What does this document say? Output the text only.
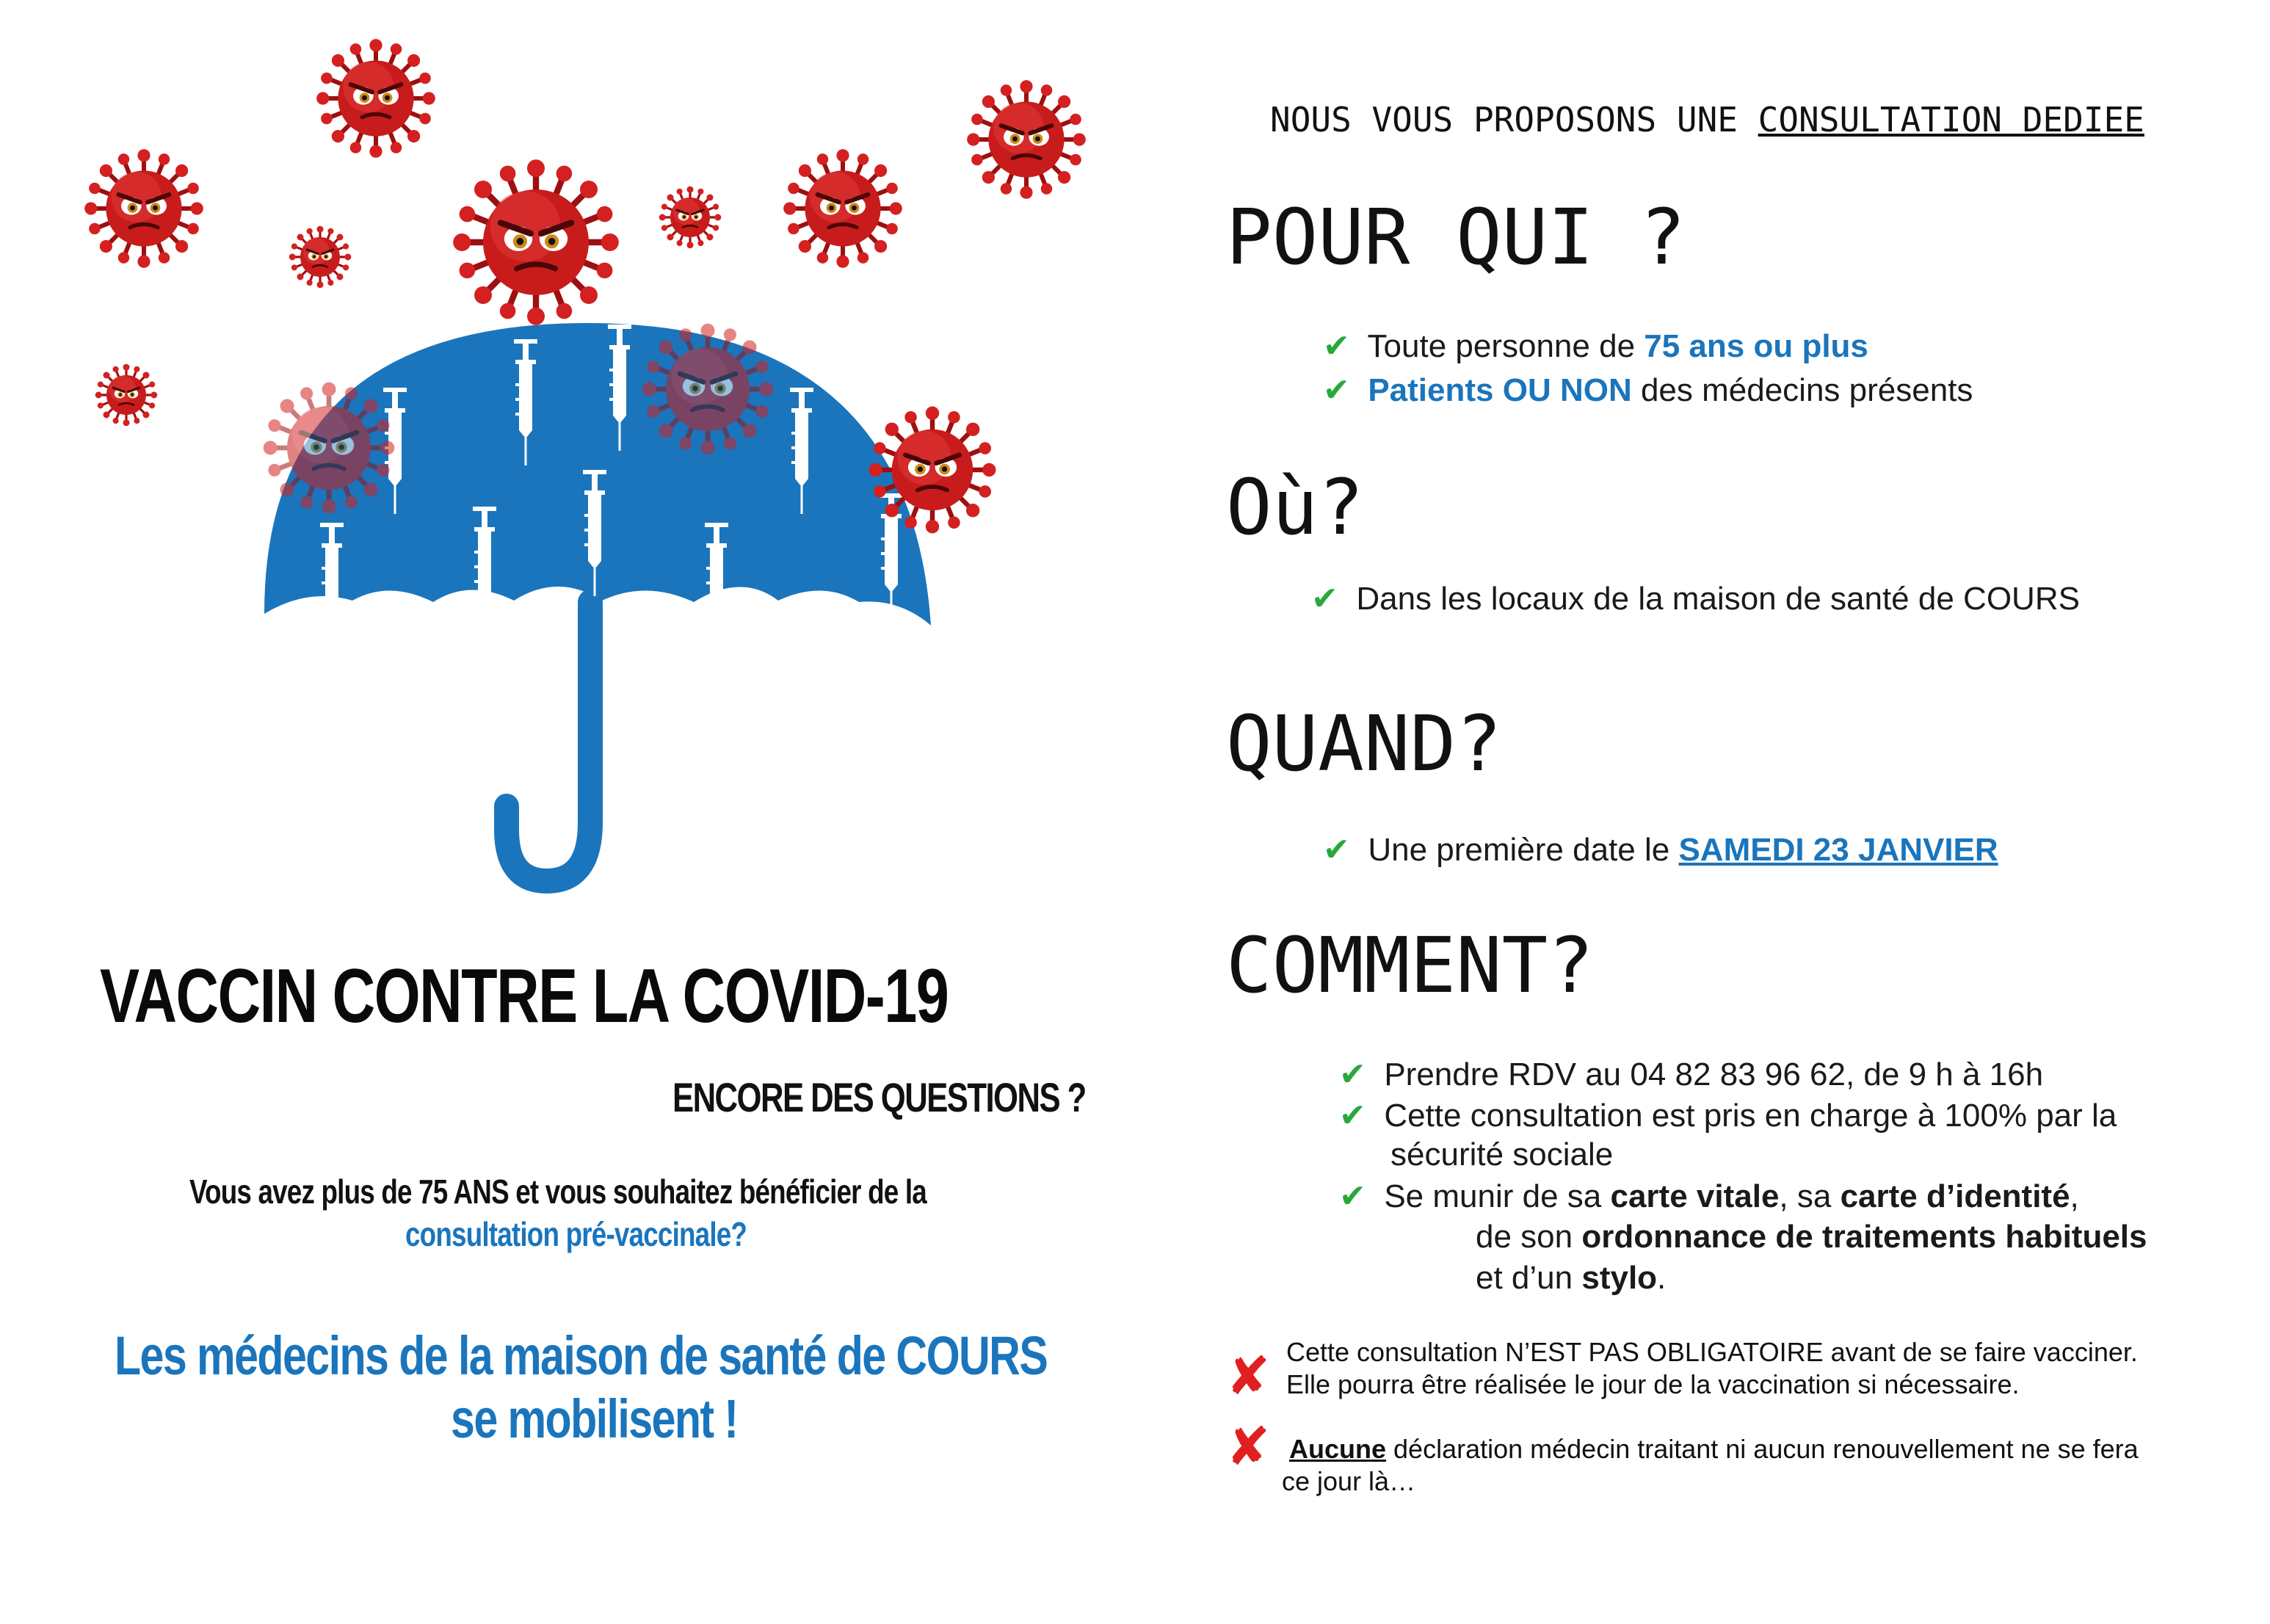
VACCIN CONTRE LA COVID-19
ENCORE DES QUESTIONS ?
Vous avez plus de 75 ANS et vous souhaitez bénéficier de la
consultation pré-vaccinale?
Les médecins de la maison de santé de COURS
se mobilisent !
NOUS VOUS PROPOSONS UNE CONSULTATION DEDIEE
POUR QUI ?
✔ Toute personne de 75 ans ou plus
✔ Patients OU NON des médecins présents
Où?
✔ Dans les locaux de la maison de santé de COURS
QUAND?
✔ Une première date le SAMEDI 23 JANVIER
COMMENT?
✔ Prendre RDV au 04 82 83 96 62, de 9 h à 16h
✔ Cette consultation est pris en charge à 100% par la
sécurité sociale
✔ Se munir de sa carte vitale, sa carte d’identité,
de son ordonnance de traitements habituels
et d’un stylo.
✘ Cette consultation N’EST PAS OBLIGATOIRE avant de se faire vacciner.
Elle pourra être réalisée le jour de la vaccination si nécessaire.
✘ Aucune déclaration médecin traitant ni aucun renouvellement ne se fera
ce jour là…
